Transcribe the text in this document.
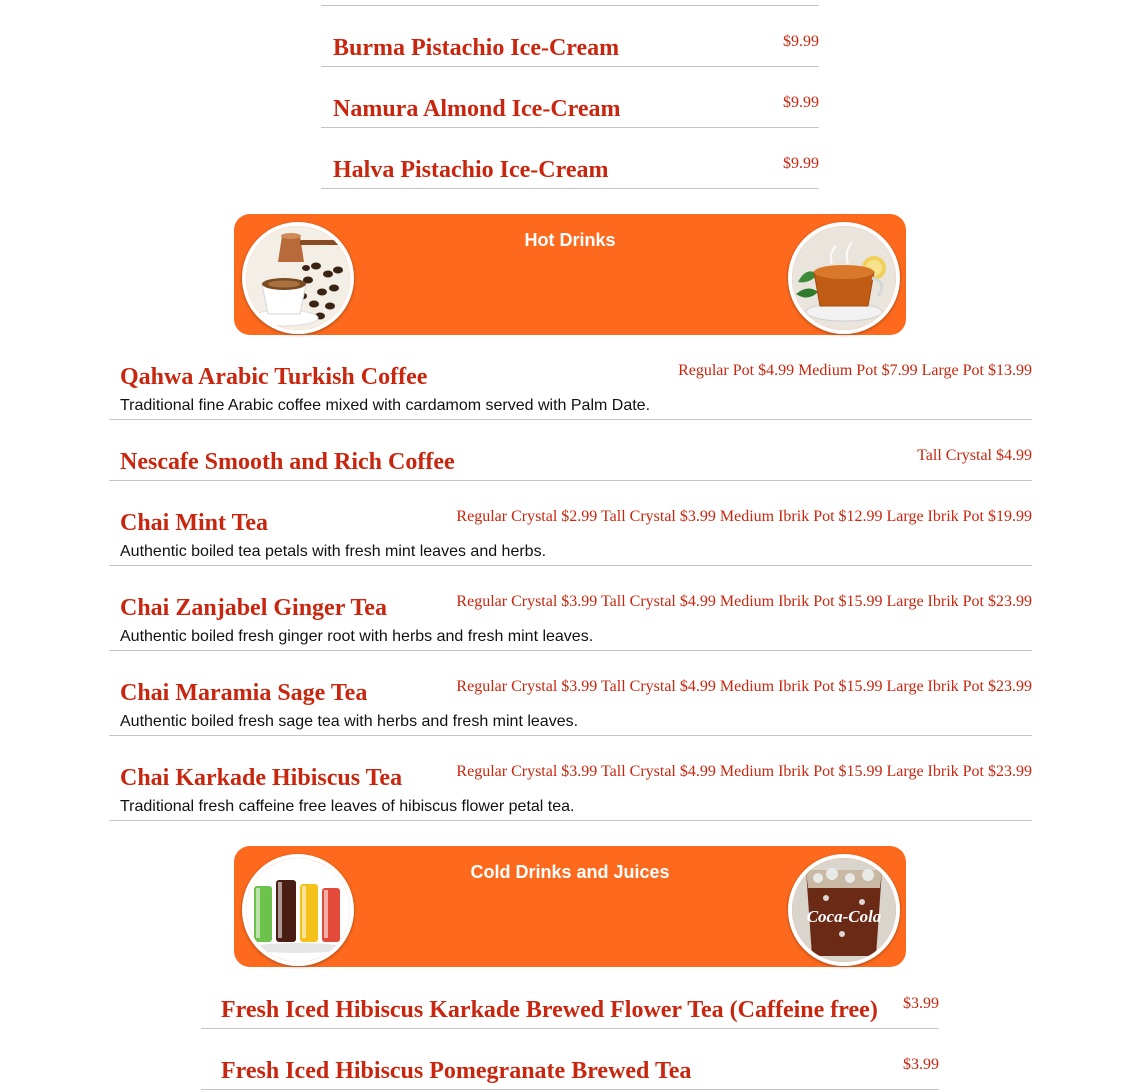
Burma Pistachio Ice-Cream	$9.99
Namura Almond Ice-Cream	$9.99
Halva Pistachio Ice-Cream	$9.99
Hot Drinks
Qahwa Arabic Turkish Coffee	Regular Pot $4.99 Medium Pot $7.99 Large Pot $13.99
Traditional fine Arabic coffee mixed with cardamom served with Palm Date.
Nescafe Smooth and Rich Coffee	Tall Crystal $4.99
Chai Mint Tea	Regular Crystal $2.99 Tall Crystal $3.99 Medium Ibrik Pot $12.99 Large Ibrik Pot $19.99
Authentic boiled tea petals with fresh mint leaves and herbs.
Chai Zanjabel Ginger Tea	Regular Crystal $3.99 Tall Crystal $4.99 Medium Ibrik Pot $15.99 Large Ibrik Pot $23.99
Authentic boiled fresh ginger root with herbs and fresh mint leaves.
Chai Maramia Sage Tea	Regular Crystal $3.99 Tall Crystal $4.99 Medium Ibrik Pot $15.99 Large Ibrik Pot $23.99
Authentic boiled fresh sage tea with herbs and fresh mint leaves.
Chai Karkade Hibiscus Tea	Regular Crystal $3.99 Tall Crystal $4.99 Medium Ibrik Pot $15.99 Large Ibrik Pot $23.99
Traditional fresh caffeine free leaves of hibiscus flower petal tea.
Cold Drinks and Juices
Coca-Cola
Fresh Iced Hibiscus Karkade Brewed Flower Tea (Caffeine free) $3.99
Fresh Iced Hibiscus Pomegranate Brewed Tea	$3.99
